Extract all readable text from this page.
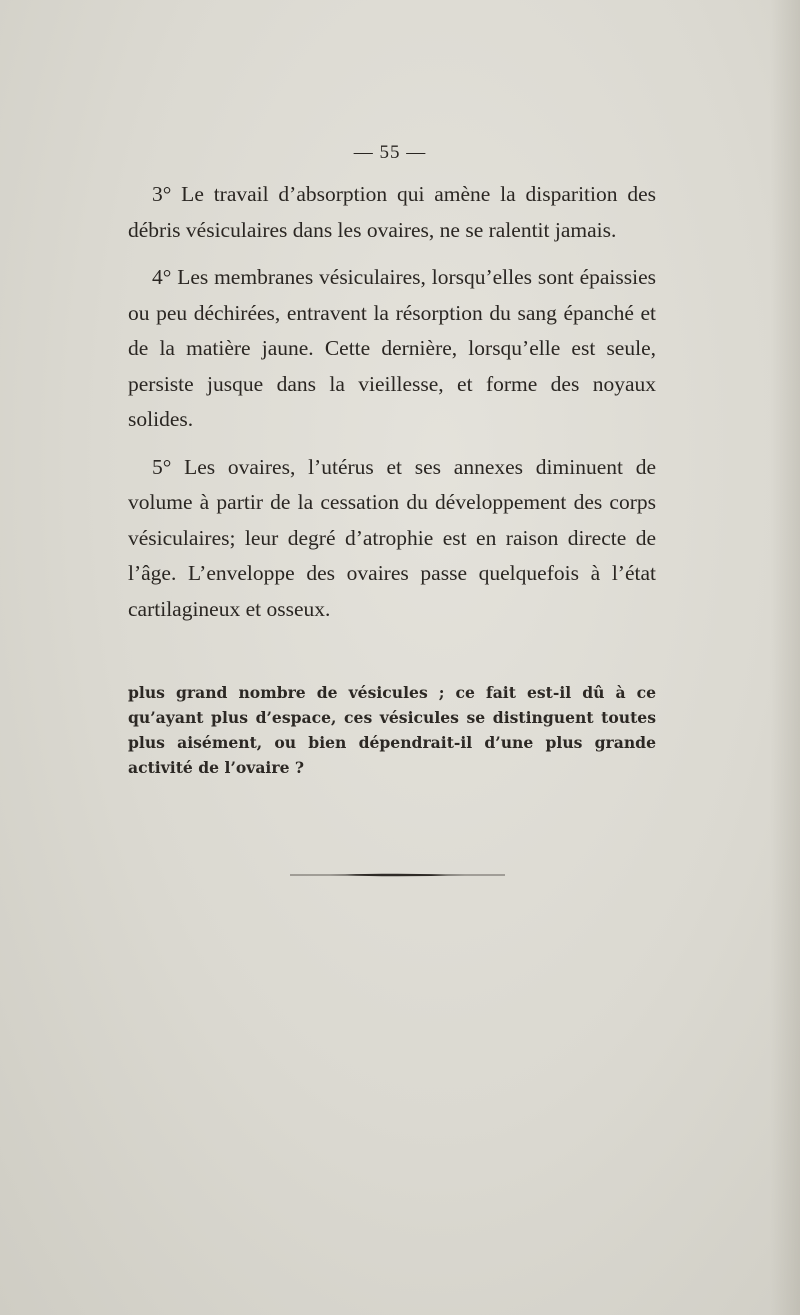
— 55 —

3° Le travail d’absorption qui amène la disparition des débris vésiculaires dans les ovaires, ne se ralentit jamais.

4° Les membranes vésiculaires, lorsqu’elles sont épaissies ou peu déchirées, entravent la résorption du sang épanché et de la matière jaune. Cette dernière, lorsqu’elle est seule, persiste jusque dans la vieillesse, et forme des noyaux solides.

5° Les ovaires, l’utérus et ses annexes diminuent de volume à partir de la cessation du développement des corps vésiculaires; leur degré d’atrophie est en raison directe de l’âge. L’enveloppe des ovaires passe quelquefois à l’état cartilagineux et osseux.

plus grand nombre de vésicules ; ce fait est-il dû à ce qu’ayant plus d’espace, ces vésicules se distinguent toutes plus aisément, ou bien dépendrait-il d’une plus grande activité de l’ovaire ?
